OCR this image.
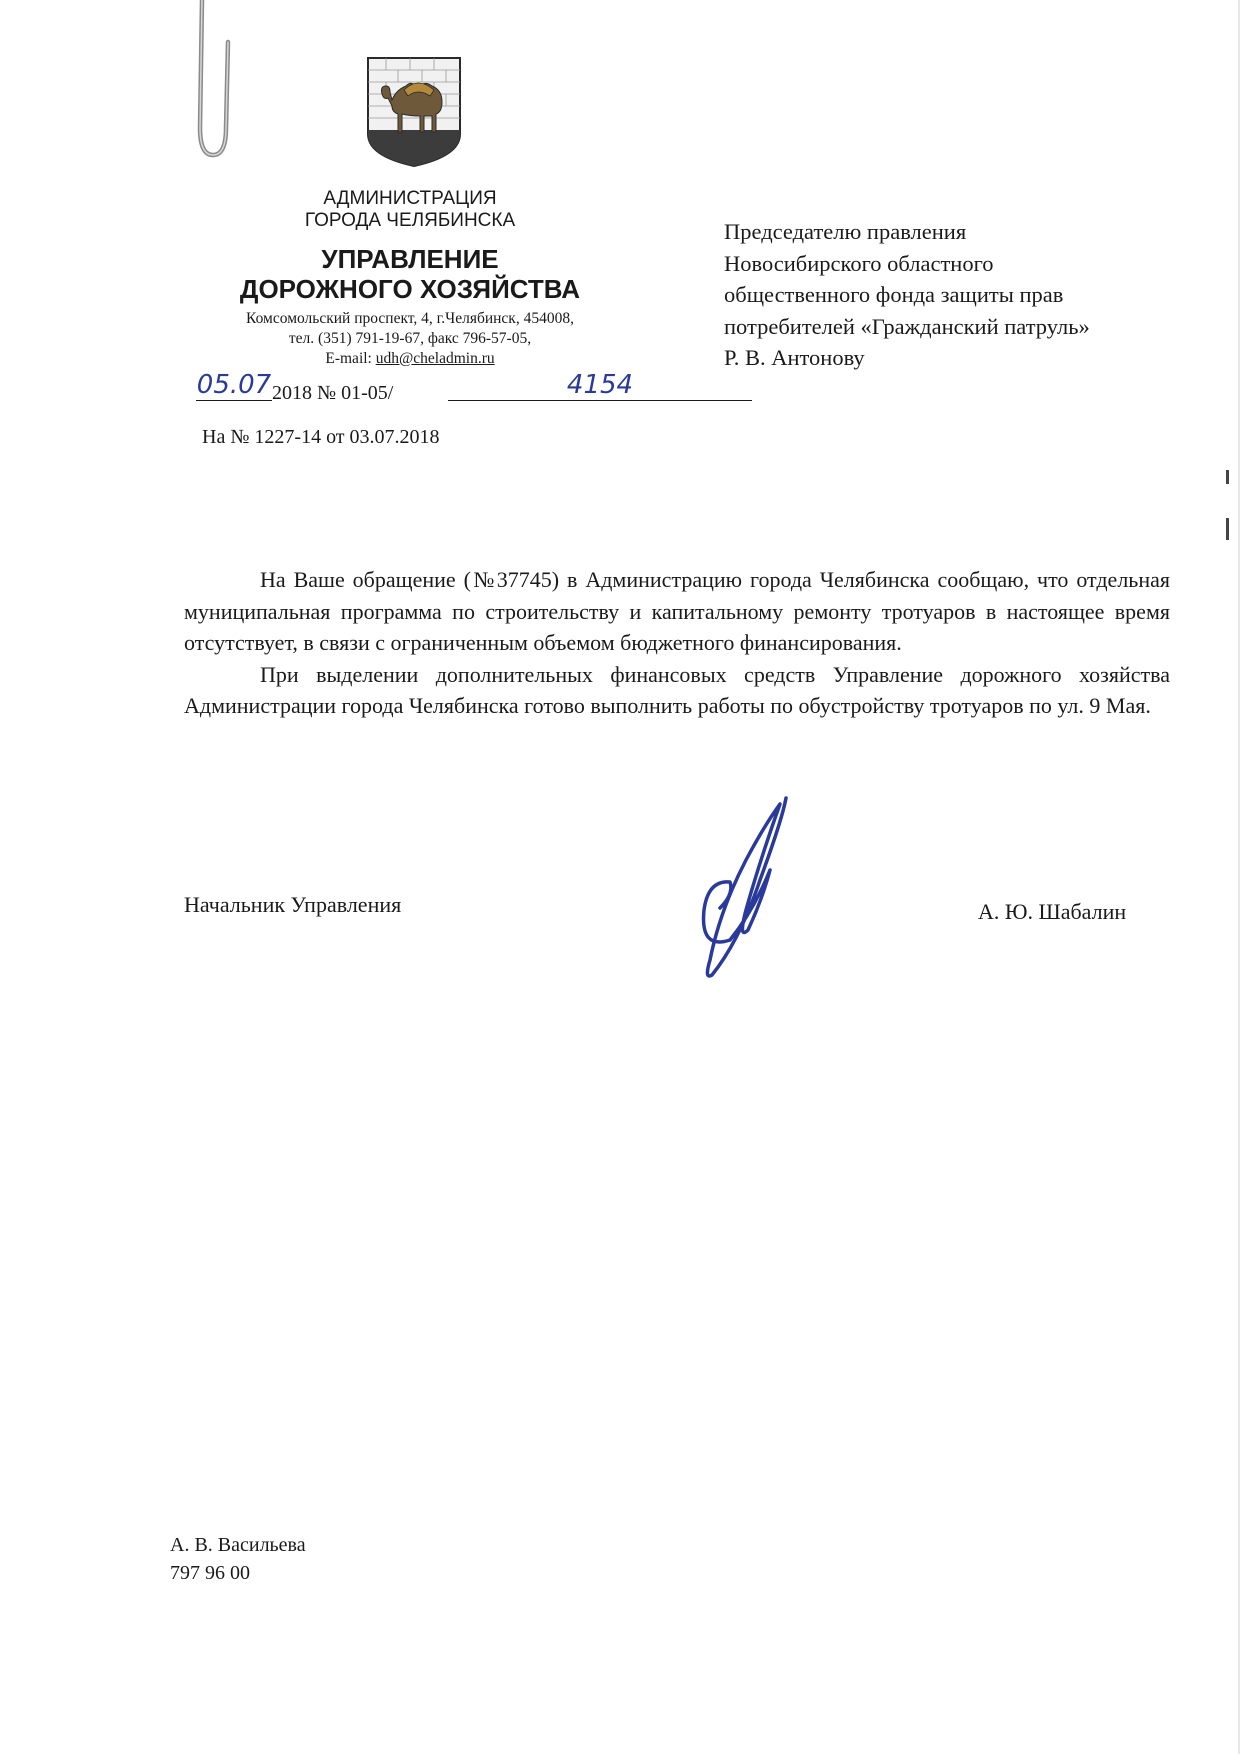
АДМИНИСТРАЦИЯ
ГОРОДА ЧЕЛЯБИНСКА
УПРАВЛЕНИЕ
ДОРОЖНОГО ХОЗЯЙСТВА
Комсомольский проспект, 4, г.Челябинск, 454008,
тел. (351) 791-19-67, факс 796-57-05,
E-mail: udh@cheladmin.ru
05.07 2018 № 01-05/	4154
На № 1227-14 от 03.07.2018
Председателю правления
Новосибирского областного
общественного фонда защиты прав
потребителей «Гражданский патруль»
Р. В. Антонову

На Ваше обращение (№37745) в Администрацию города Челябинска сообщаю, что отдельная муниципальная программа по строительству и капитальному ремонту тротуаров в настоящее время отсутствует, в связи с ограниченным объемом бюджетного финансирования.

При выделении дополнительных финансовых средств Управление дорожного хозяйства Администрации города Челябинска готово выполнить работы по обустройству тротуаров по ул. 9 Мая.

Начальник Управления	А. Ю. Шабалин
А. В. Васильева
797 96 00
